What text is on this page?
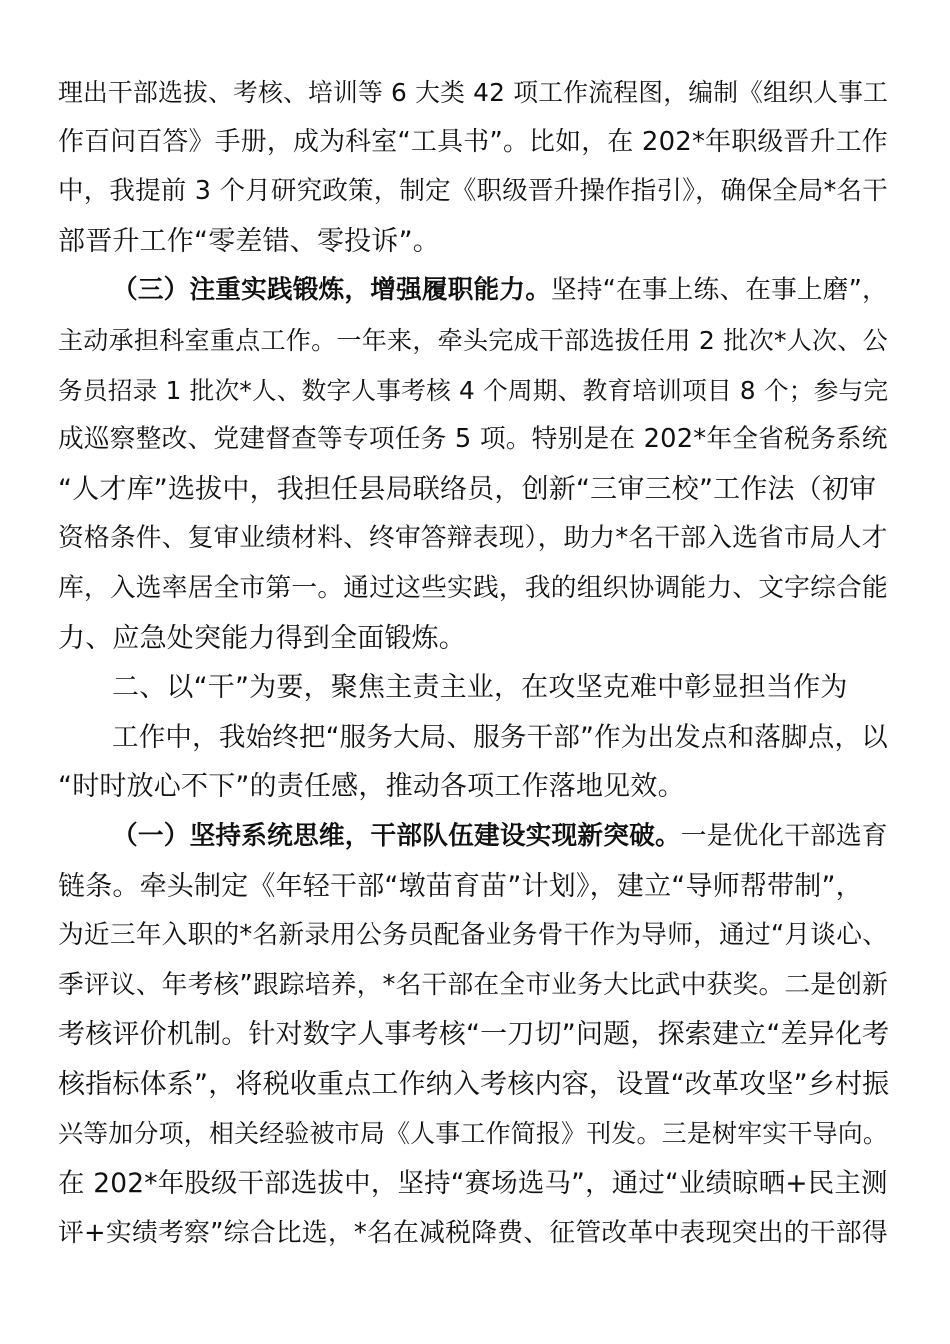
理出干部选拔、考核、培训等 6 大类 42 项工作流程图，编制《组织人事工
作百问百答》手册，成为科室“工具书”。比如，在 202*年职级晋升工作
中，我提前 3 个月研究政策，制定《职级晋升操作指引》，确保全局*名干
部晋升工作“零差错、零投诉”。
（三）注重实践锻炼，增强履职能力。坚持“在事上练、在事上磨”，
主动承担科室重点工作。一年来，牵头完成干部选拔任用 2 批次*人次、公
务员招录 1 批次*人、数字人事考核 4 个周期、教育培训项目 8 个；参与完
成巡察整改、党建督查等专项任务 5 项。特别是在 202*年全省税务系统
“人才库”选拔中，我担任县局联络员，创新“三审三校”工作法（初审
资格条件、复审业绩材料、终审答辩表现），助力*名干部入选省市局人才
库，入选率居全市第一。通过这些实践，我的组织协调能力、文字综合能
力、应急处突能力得到全面锻炼。
二、以“干”为要，聚焦主责主业，在攻坚克难中彰显担当作为
工作中，我始终把“服务大局、服务干部”作为出发点和落脚点，以
“时时放心不下”的责任感，推动各项工作落地见效。
（一）坚持系统思维，干部队伍建设实现新突破。一是优化干部选育
链条。牵头制定《年轻干部“墩苗育苗”计划》，建立“导师帮带制”，
为近三年入职的*名新录用公务员配备业务骨干作为导师，通过“月谈心、
季评议、年考核”跟踪培养，*名干部在全市业务大比武中获奖。二是创新
考核评价机制。针对数字人事考核“一刀切”问题，探索建立“差异化考
核指标体系”，将税收重点工作纳入考核内容，设置“改革攻坚”乡村振
兴等加分项，相关经验被市局《人事工作简报》刊发。三是树牢实干导向。
在 202*年股级干部选拔中，坚持“赛场选马”，通过“业绩晾晒+民主测
评+实绩考察”综合比选，*名在减税降费、征管改革中表现突出的干部得
